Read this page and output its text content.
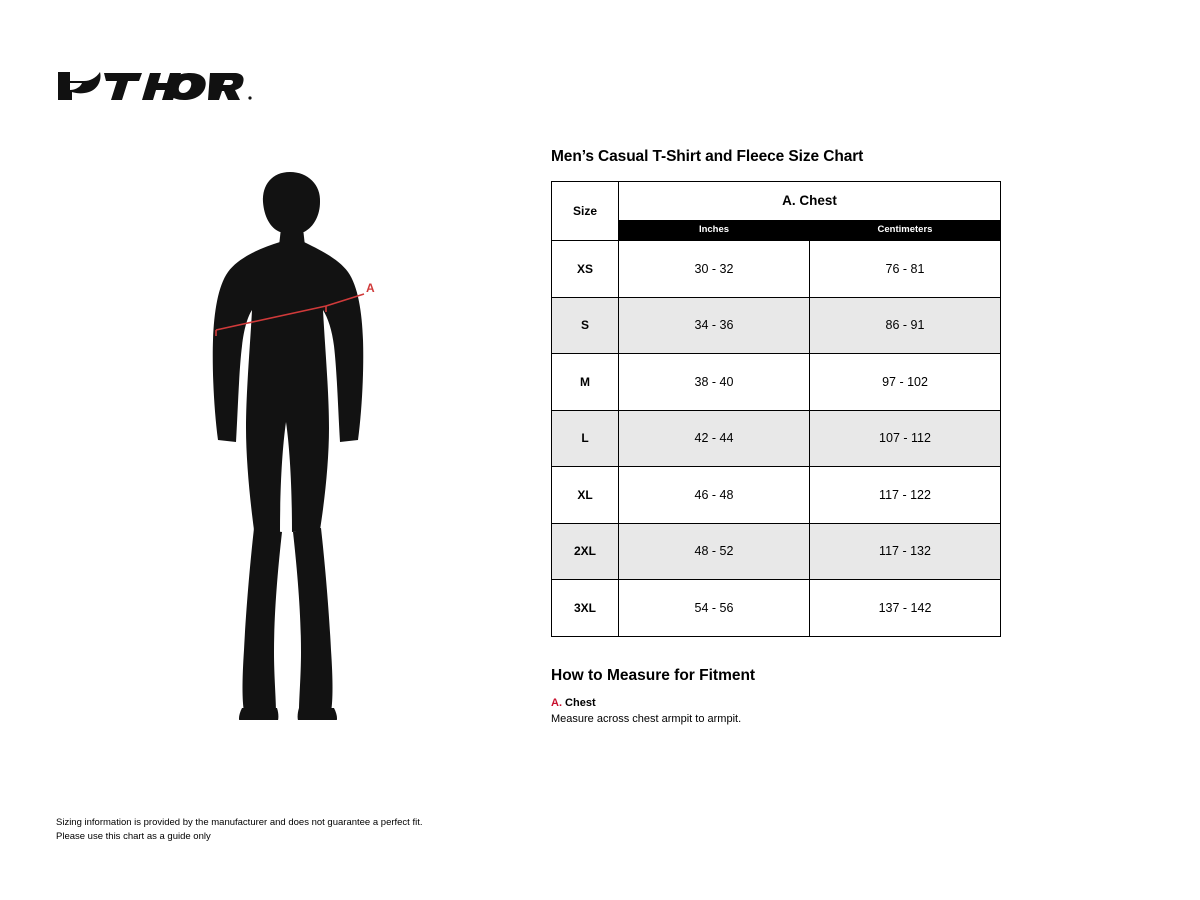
A
Men’s Casual T-Shirt and Fleece Size Chart
Size	A. Chest	
	Inches	Centimeters
XS	30 - 32	76 - 81
S	34 - 36	86 - 91
M	38 - 40	97 - 102
L	42 - 44	107 - 112
XL	46 - 48	117 - 122
2XL	48 - 52	117 - 132
3XL	54 - 56	137 - 142
How to Measure for Fitment

A. Chest

Measure across chest armpit to armpit.

Sizing information is provided by the manufacturer and does not guarantee a perfect fit.
Please use this chart as a guide only
